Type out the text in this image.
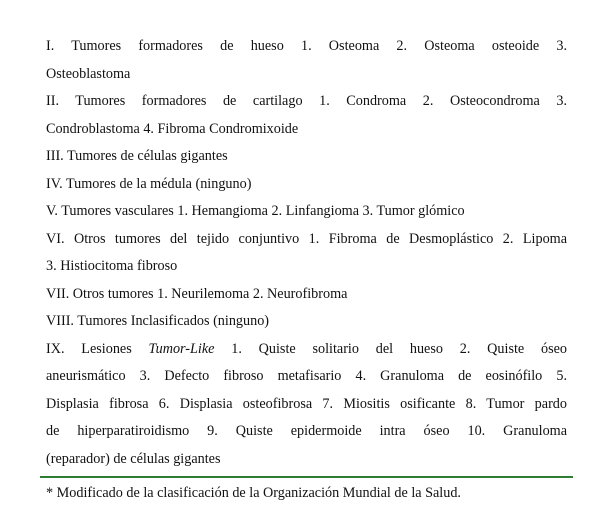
I. Tumores formadores de hueso 1. Osteoma 2. Osteoma osteoide 3.
Osteoblastoma
II. Tumores formadores de cartilago 1. Condroma 2. Osteocondroma 3.
Condroblastoma 4. Fibroma Condromixoide
III. Tumores de células gigantes
IV. Tumores de la médula (ninguno)
V. Tumores vasculares 1. Hemangioma 2. Linfangioma 3. Tumor glómico
VI. Otros tumores del tejido conjuntivo 1. Fibroma de Desmoplástico 2. Lipoma
3. Histiocitoma fibroso
VII. Otros tumores 1. Neurilemoma 2. Neurofibroma
VIII. Tumores Inclasificados (ninguno)
IX. Lesiones Tumor-Like 1. Quiste solitario del hueso 2. Quiste óseo
aneurismático 3. Defecto fibroso metafisario 4. Granuloma de eosinófilo 5.
Displasia fibrosa 6. Displasia osteofibrosa 7. Miositis osificante 8. Tumor pardo
de hiperparatiroidismo 9. Quiste epidermoide intra óseo 10. Granuloma
(reparador) de células gigantes
* Modificado de la clasificación de la Organización Mundial de la Salud.
